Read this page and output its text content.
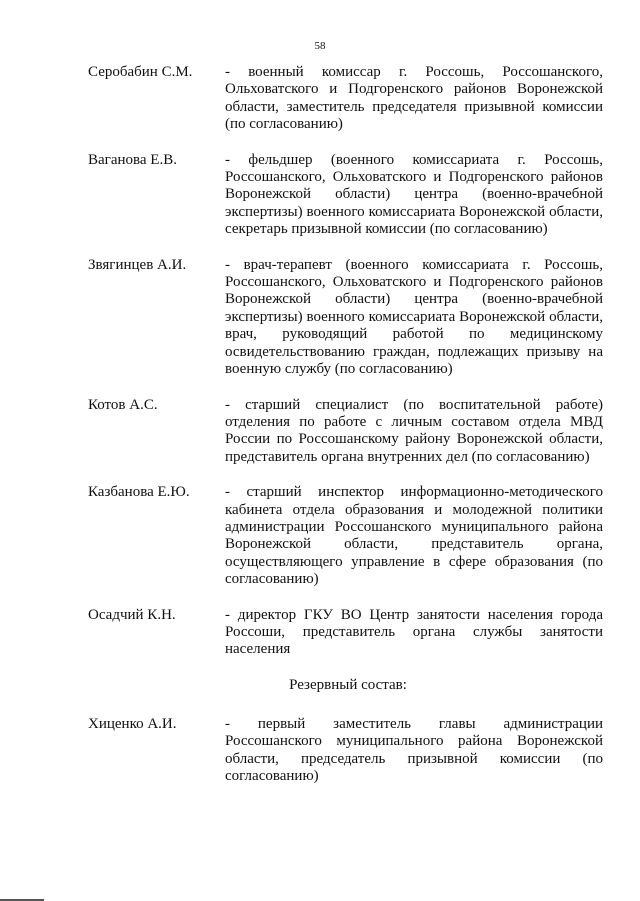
58
Серобабин С.М.	- военный комиссар г. Россошь, Россошанского, Ольховатского и Подгоренского районов Воронежской области, заместитель председателя призывной комиссии (по согласованию)
Ваганова Е.В.	- фельдшер (военного комиссариата г. Россошь, Россошанского, Ольховатского и Подгоренского районов Воронежской области) центра (военно-врачебной экспертизы) военного комиссариата Воронежской области, секретарь призывной комиссии (по согласованию)
Звягинцев А.И.	- врач-терапевт (военного комиссариата г. Россошь, Россошанского, Ольховатского и Подгоренского районов Воронежской области) центра (военно-врачебной экспертизы) военного комиссариата Воронежской области, врач, руководящий работой по медицинскому освидетельствованию граждан, подлежащих призыву на военную службу (по согласованию)
Котов А.С.	- старший специалист (по воспитательной работе) отделения по работе с личным составом отдела МВД России по Россошанскому району Воронежской области, представитель органа внутренних дел (по согласованию)
Казбанова Е.Ю.	- старший инспектор информационно-методического кабинета отдела образования и молодежной политики администрации Россошанского муниципального района Воронежской области, представитель органа, осуществляющего управление в сфере образования (по согласованию)
Осадчий К.Н.	- директор ГКУ ВО Центр занятости населения города Россоши, представитель органа службы занятости населения
Резервный состав:
Хиценко А.И.	- первый заместитель главы администрации Россошанского муниципального района Воронежской области, председатель призывной комиссии (по согласованию)
